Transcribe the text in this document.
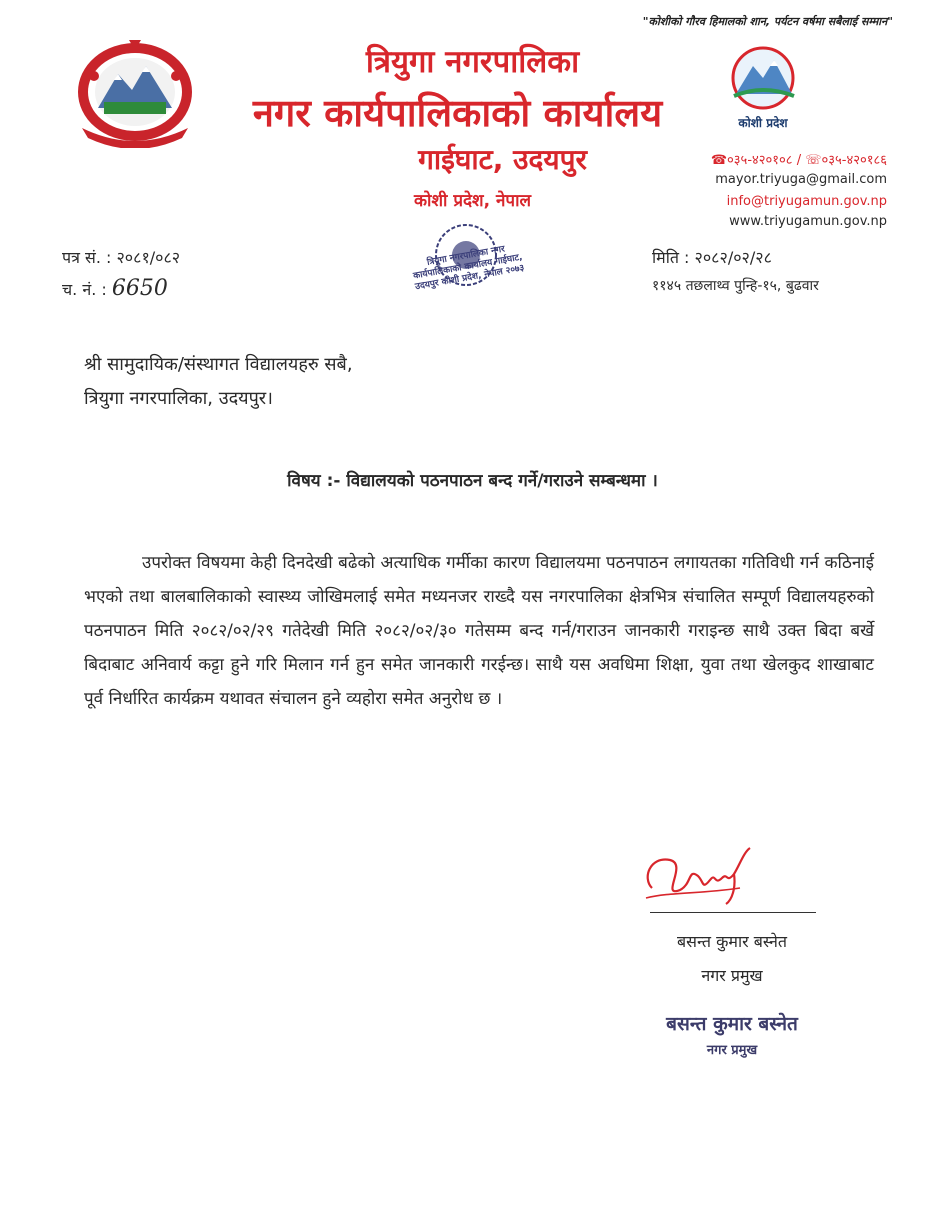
"कोशीको गौरव हिमालको शान, पर्यटन वर्षमा सबैलाई सम्मान"
त्रियुगा नगरपालिका
नगर कार्यपालिकाको कार्यालय
गाईघाट, उदयपुर
कोशी प्रदेश, नेपाल
कोशी प्रदेश
☎०३५-४२०१०८ / ☏०३५-४२०१८६
mayor.triyuga@gmail.com
info@triyugamun.gov.np
www.triyugamun.gov.np
पत्र सं. : २०८१/०८२
च. नं. : 6650
मिति : २०८२/०२/२८
११४५ तछलाथ्व पुन्हि-१५, बुढवार
त्रियुगा नगरपालिका नगर कार्यपालिकाको कार्यालय गाईघाट, उदयपुर कोशी प्रदेश, नेपाल २०७३
श्री सामुदायिक/संस्थागत विद्यालयहरु सबै,
त्रियुगा नगरपालिका, उदयपुर।
विषय :- विद्यालयको पठनपाठन बन्द गर्ने/गराउने सम्बन्धमा ।
उपरोक्त विषयमा केही दिनदेखी बढेको अत्याधिक गर्मीका कारण विद्यालयमा पठनपाठन लगायतका गतिविधी गर्न कठिनाई भएको तथा बालबालिकाको स्वास्थ्य जोखिमलाई समेत मध्यनजर राख्दै यस नगरपालिका क्षेत्रभित्र संचालित सम्पूर्ण विद्यालयहरुको पठनपाठन मिति २०८२/०२/२९ गतेदेखी मिति २०८२/०२/३० गतेसम्म बन्द गर्न/गराउन जानकारी गराइन्छ साथै उक्त बिदा बर्खे बिदाबाट अनिवार्य कट्टा हुने गरि मिलान गर्न हुन समेत जानकारी गरईन्छ। साथै यस अवधिमा शिक्षा, युवा तथा खेलकुद शाखाबाट पूर्व निर्धारित कार्यक्रम यथावत संचालन हुने व्यहोरा समेत अनुरोध छ ।
बसन्त कुमार बस्नेत
नगर प्रमुख
बसन्त कुमार बस्नेत
नगर प्रमुख
